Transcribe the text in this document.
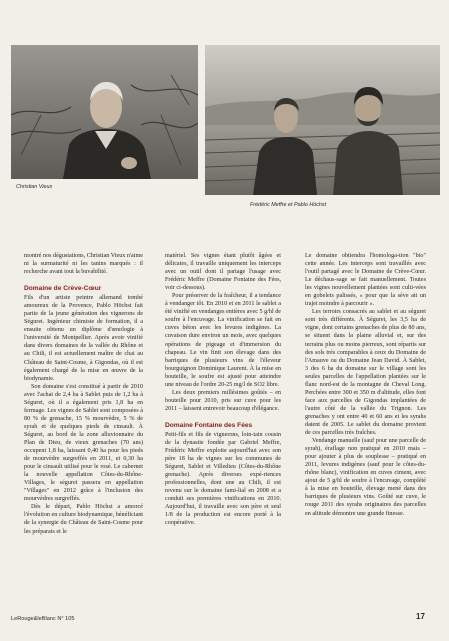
Christian Vieux
Frédéric Meffre et Pablo Höchst

montré nos dégustations, Christian Vieux n'aime ni la surmaturité ni les tanins marqués : il recherche avant tout la buvabilité.

Domaine de Crève-Cœur

Fils d'un artiste peintre allemand tombé amoureux de la Provence, Pablo Höchst fait partie de la jeune génération des vignerons de Séguret. Ingénieur chimiste de formation, il a ensuite obtenu un diplôme d'œnologie à l'université de Montpellier. Après avoir vinifié dans divers domaines de la vallée du Rhône et au Chili, il est actuellement maître de chai au Château de Saint-Cosme, à Gigondas, où il est également chargé de la mise en œuvre de la biodynamie.

Son domaine s'est constitué à partir de 2010 avec l'achat de 2,4 ha à Sablet puis de 1,2 ha à Séguret, où il a également pris 1,8 ha en fermage. Les vignes de Sablet sont composées à 80 % de grenache, 15 % mourvèdre, 5 % de syrah et de quelques pieds de cinsault. À Séguret, au bord de la zone alluvionnaire du Plan de Dieu, de vieux grenaches (70 ans) occupent 1,8 ha, laissant 0,40 ha pour les pieds de mourvèdre surgreffés en 2011, et 0,30 ha pour le cinsault utilisé pour le rosé. Le cabernet la nouvelle appellation Côtes-du-Rhône-Villages, le séguret passera en appellation "Villages" en 2012 grâce à l'inclusion des mourvèdres surgreffés.

Dès le départ, Pablo Höchst a amorcé l'évolution en culture biodynamique, bénéficiant de la synergie du Château de Saint-Cosme pour les préparats et le

matériel. Ses vignes étant plutôt âgées et délicates, il travaille uniquement les interceps avec un outil dont il partage l'usage avec Frédéric Meffre (Domaine Fontaine des Fées, voir ci-dessous).

Pour préserver de la fraîcheur, il a tendance à vendanger tôt. En 2010 et en 2011 le sablet a été vinifié en vendanges entières avec 5 g/hl de soufre à l'encuvage. La vinification se fait en cuves béton avec les levures indigènes. La cuvaison dure environ un mois, avec quelques opérations de pigeage et d'immersion du chapeau. Le vin finit son élevage dans des barriques de plusieurs vins de l'éleveur bourguignon Dominique Laurent. À la mise en bouteille, le soufre est ajusté pour atteindre une niveau de l'ordre 20-25 mg/l de SO2 libre.

Les deux premiers millésimes goûtés – en bouteille pour 2010, pris sur cuve pour les 2011 – laissent entrevoir beaucoup d'élégance.

Domaine Fontaine des Fées

Petit-fils et fils de vignerons, loin-tain cousin de la dynastie fondée par Gabriel Meffre, Frédéric Meffre exploite aujourd'hui avec son père 18 ha de vignes sur les communes de Séguret, Sablet et Villedieu (Côtes-du-Rhône grenache). Après diverses expé-riences professionnelles, dont une au Chili, il est revenu sur le domaine fami-lial en 2008 et a conduit ses premières vinifications en 2010. Aujourd'hui, il travaille avec son père et seul 1/8 de la production est encore porté à la coopérative.

Le domaine obtiendra l'homologa-tion "bio" cette année. Les interceps sont travaillés avec l'outil partagé avec le Domaine de Crève-Cœur. Le déchaus-sage se fait manuellement. Toutes les vignes nouvellement plantées sont culti-vées en gobelets palissés, « pour que la sève ait un trajet moindre à parcourir ».

Les terroirs consacrés au sablet et au séguret sont très différents. À Séguret, les 3,5 ha de vigne, dont certains grenaches de plus de 80 ans, se situent dans la plaine alluvial et, sur des terrains plus ou moins pierreux, sont répartis sur des sols très comparables à ceux du Domaine de l'Amauve ou du Domaine Jean David. À Sablet, 3 des 6 ha du domaine sur le village sont les seules parcelles de l'appellation plantées sur le flanc nord-est de la montagne de Cheval Long. Perchées entre 300 et 350 m d'altitude, elles font face aux parcelles de Gigondas implantées de l'autre côté de la vallée du Trignon. Les grenaches y ont entre 40 et 60 ans et les syrahs datent de 2005. Le sablet du domaine provient de ces parcelles très fraîches.

Vendange manuelle (sauf pour une parcelle de syrah), éraflage non pratiqué en 2010 mais – pour ajouter à plus de souplesse – pratiqué en 2011, levures indigènes (sauf pour le côtes-du-rhône blanc), vinification en cuves ciment, avec ajout de 5 g/hl de soufre à l'encuvage, complété à la mise en bouteille, élevage mené dans des barriques de plusieurs vins. Goûté sur cuve, le rouge 2011 des syrahs originaires des parcelles en altitude démontre une grande finesse.

LeRouge&leBlanc N° 105	17
